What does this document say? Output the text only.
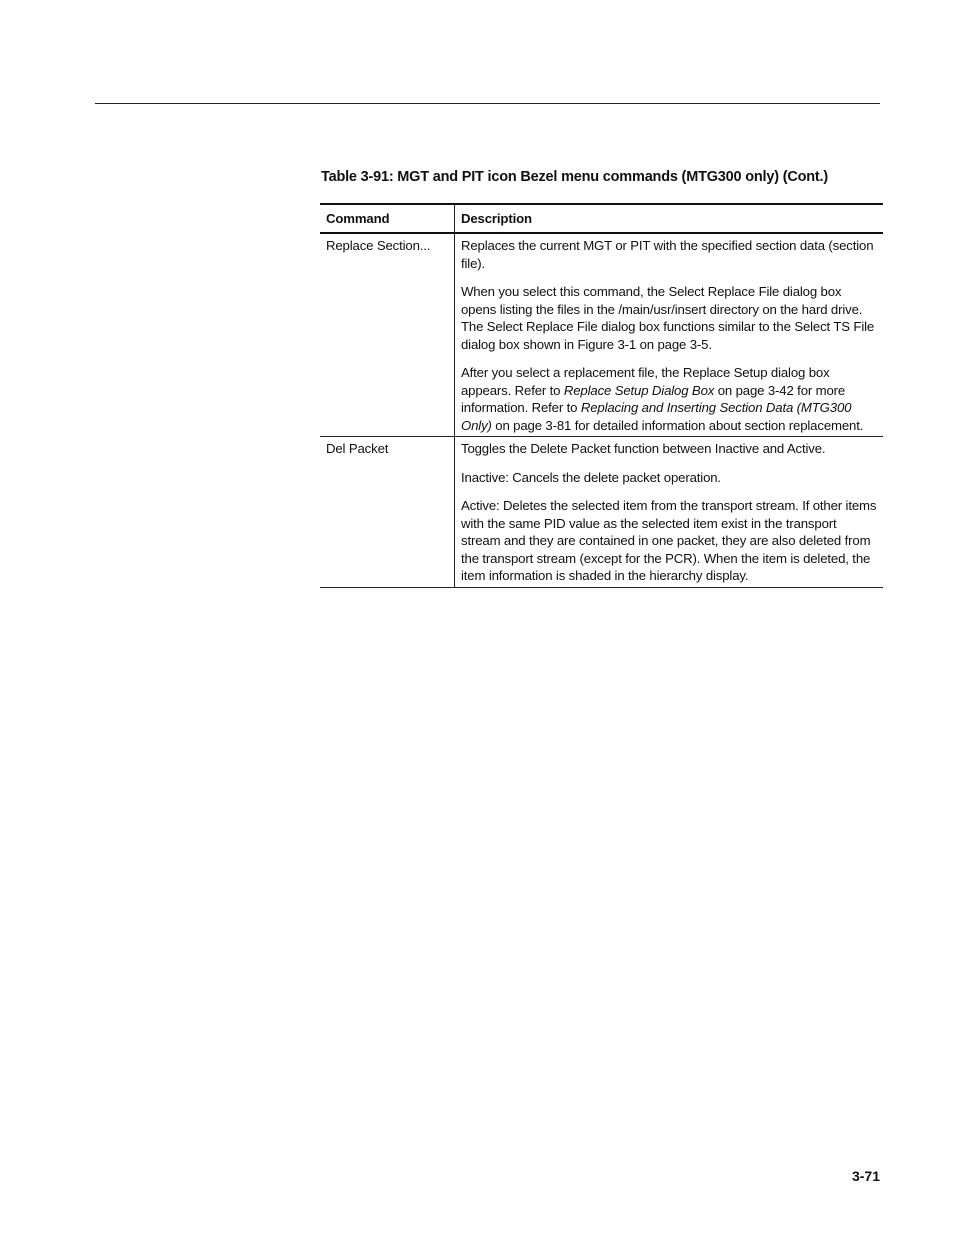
Table 3-91: MGT and PIT icon Bezel menu commands (MTG300 only) (Cont.)
Command	Description
Replace Section...	Replaces the current MGT or PIT with the specified section data (section file).

When you select this command, the Select Replace File dialog box opens listing the files in the /main/usr/insert directory on the hard drive. The Select Replace File dialog box functions similar to the Select TS File dialog box shown in Figure 3-1 on page 3-5.

After you select a replacement file, the Replace Setup dialog box appears. Refer to Replace Setup Dialog Box on page 3-42 for more information. Refer to Replacing and Inserting Section Data (MTG300 Only) on page 3-81 for detailed information about section replacement.

Del Packet	Toggles the Delete Packet function between Inactive and Active.

Inactive: Cancels the delete packet operation.

Active: Deletes the selected item from the transport stream. If other items with the same PID value as the selected item exist in the transport stream and they are contained in one packet, they are also deleted from the transport stream (except for the PCR). When the item is deleted, the item information is shaded in the hierarchy display.

3-71
